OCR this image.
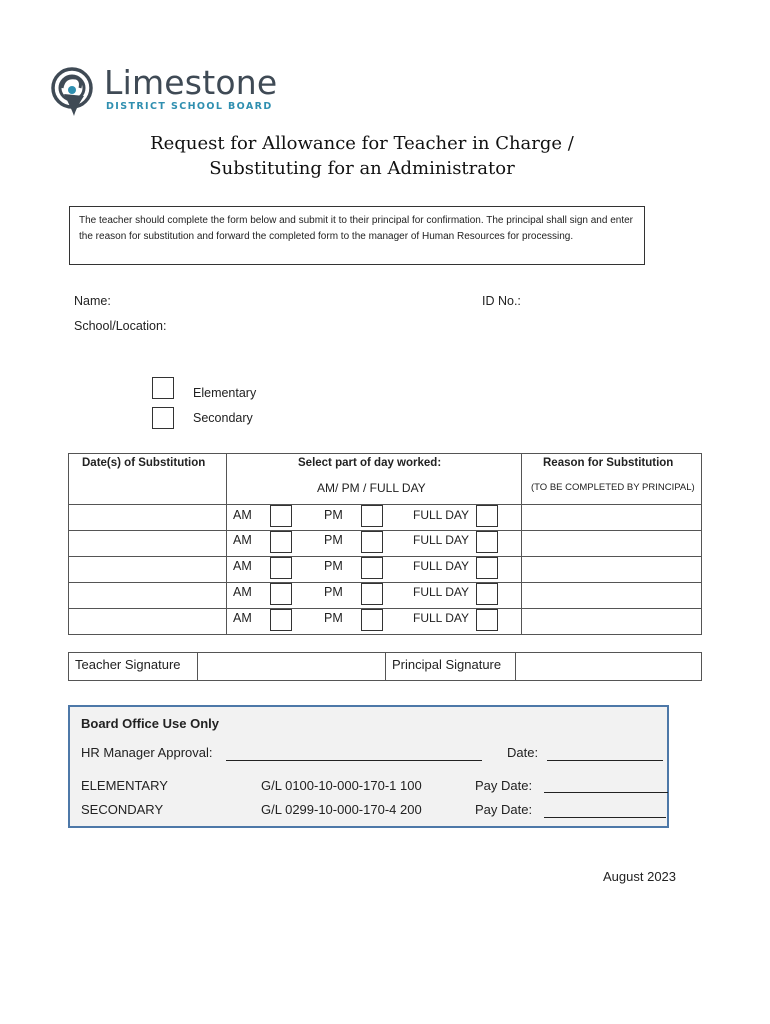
Limestone
DISTRICT SCHOOL BOARD
Request for Allowance for Teacher in Charge /
Substituting for an Administrator
The teacher should complete the form below and submit it to their principal for confirmation. The principal shall sign and enter the reason for substitution and forward the completed form to the manager of Human Resources for processing.
Name:	ID No.:
School/Location:
Elementary
Secondary
Date(s) of Substitution	Select part of day worked:
AM/ PM / FULL DAY
Reason for Substitution
(TO BE COMPLETED BY PRINCIPAL)
AM	PM	FULL DAY
AM	PM	FULL DAY
AM	PM	FULL DAY
AM	PM	FULL DAY
AM	PM	FULL DAY
Teacher Signature	Principal Signature
Board Office Use Only
HR Manager Approval:	Date:
ELEMENTARY	G/L 0100-10-000-170-1 100	Pay Date:
SECONDARY	G/L 0299-10-000-170-4 200	Pay Date:
August 2023
